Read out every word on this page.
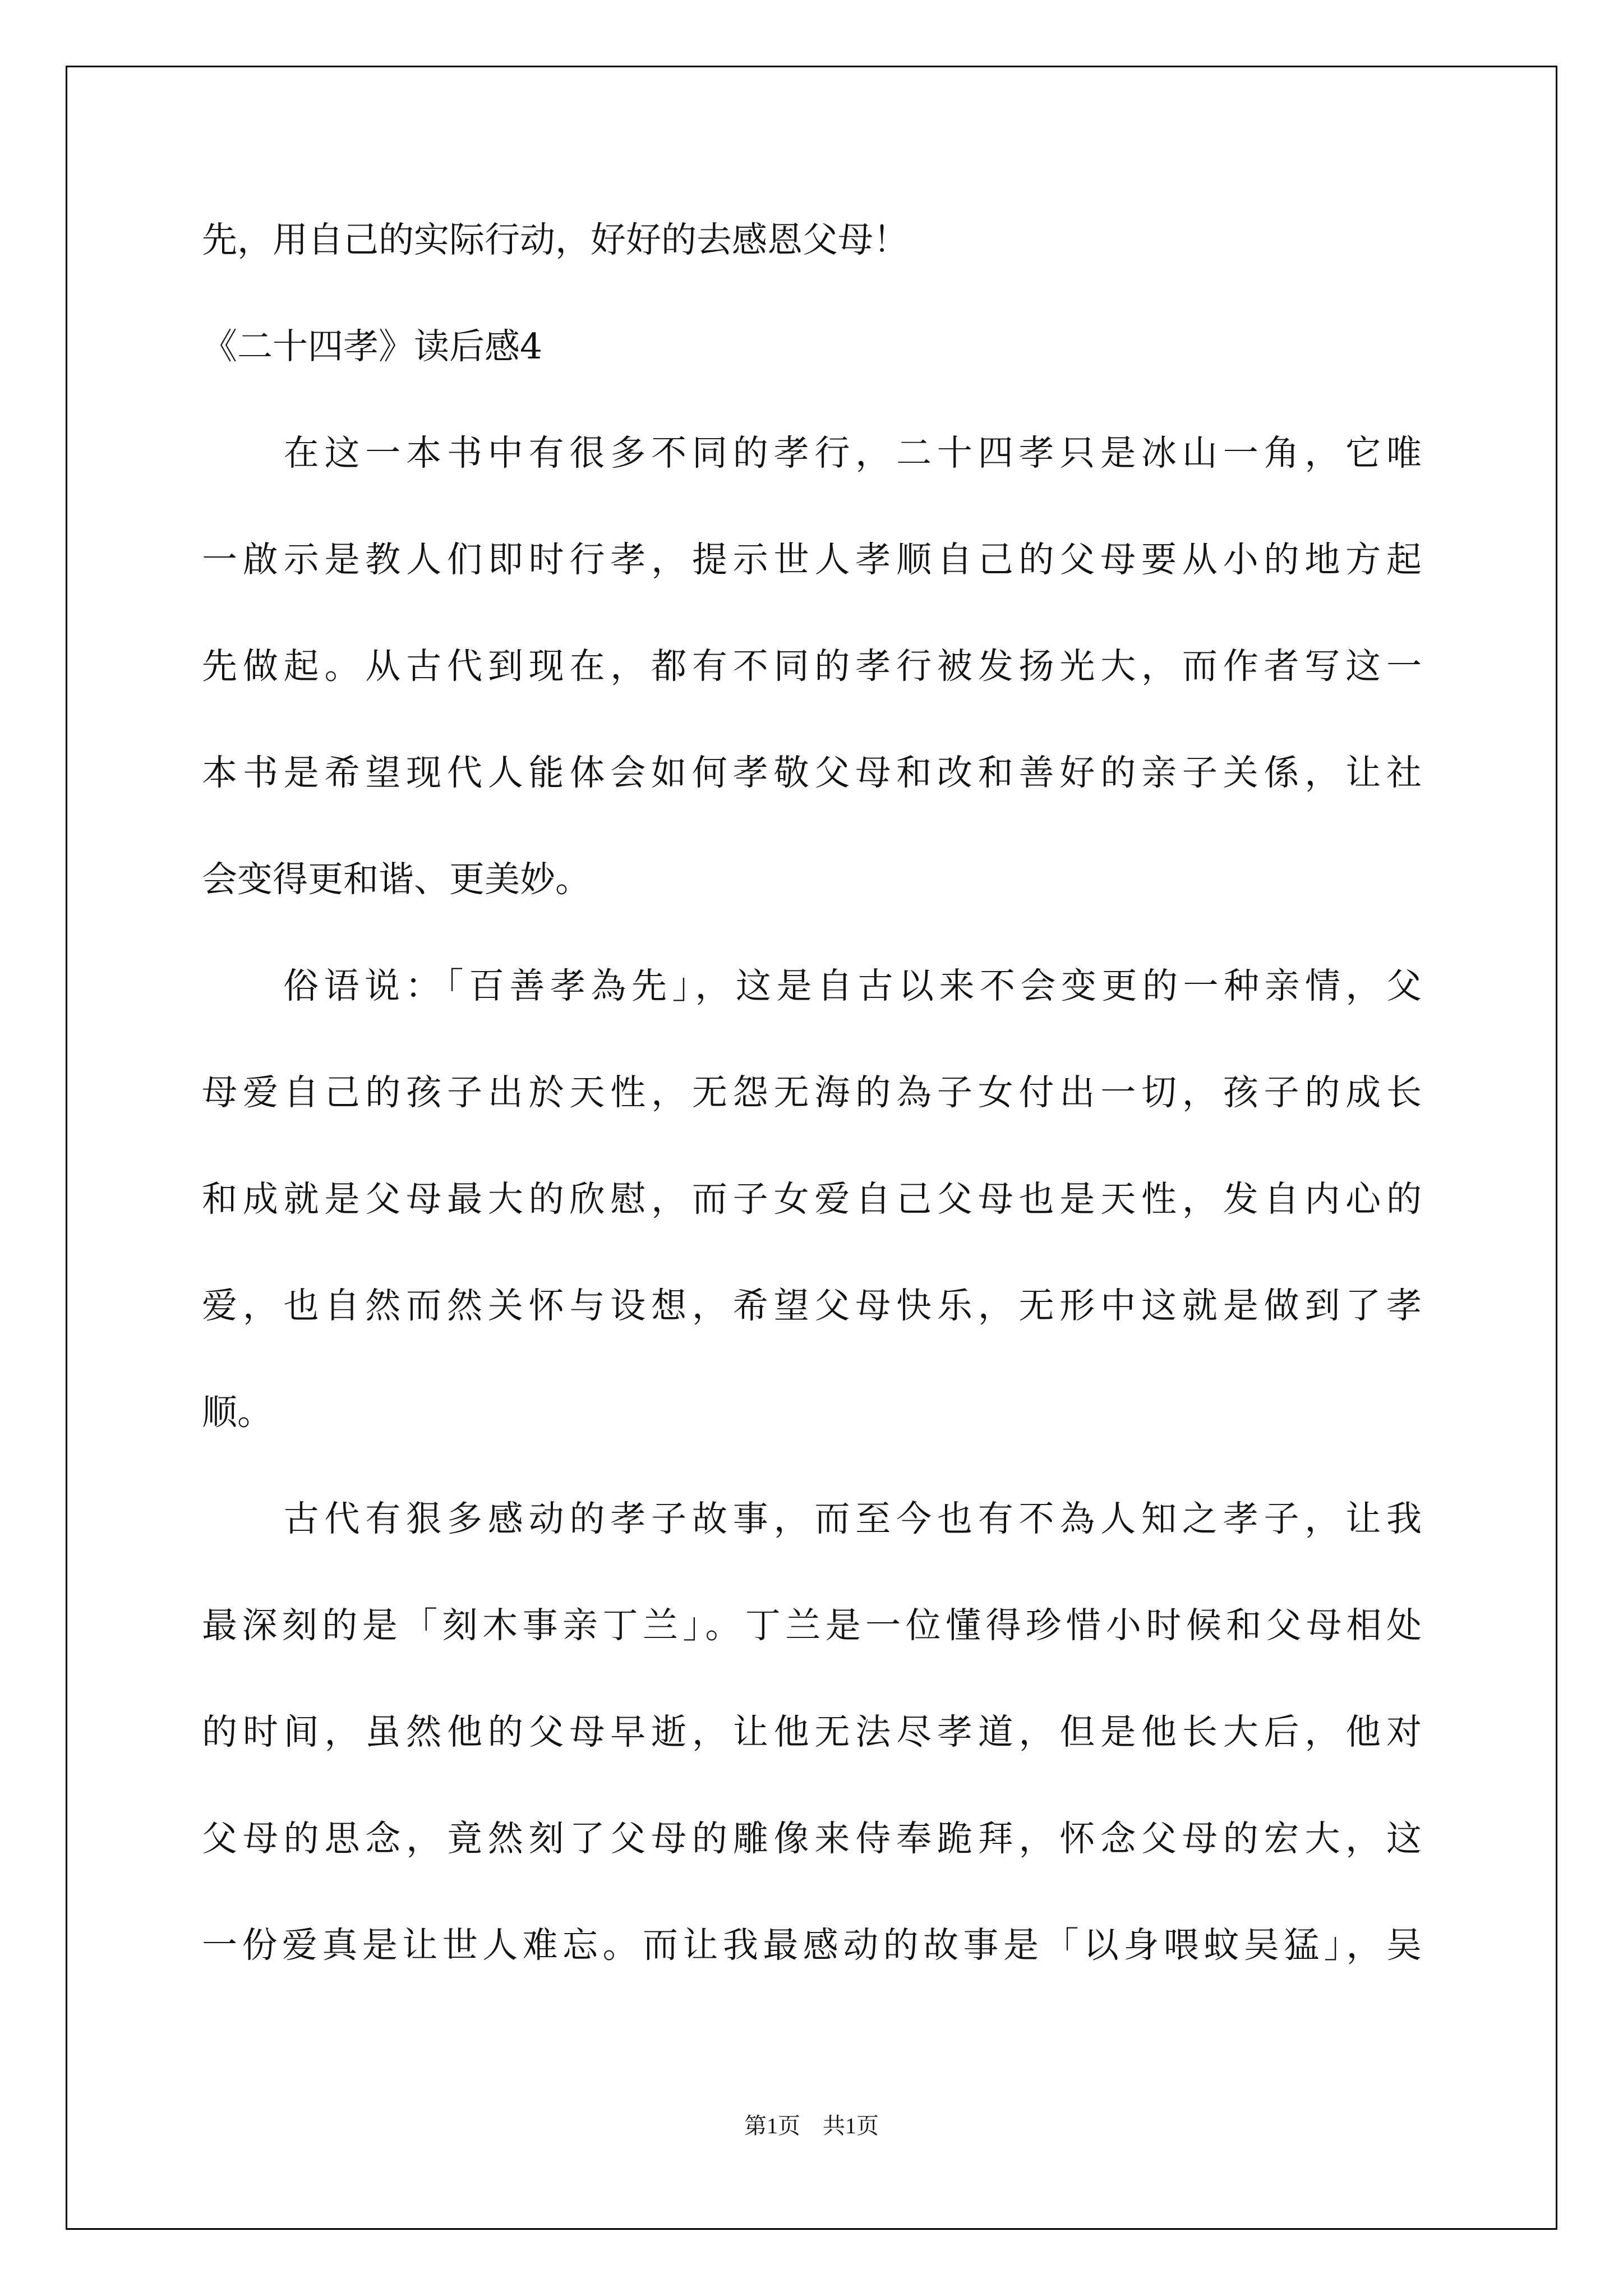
先，用自己的实际行动，好好的去感恩父母！

《二十四孝》读后感4

　　在这一本书中有很多不同的孝行，二十四孝只是冰山一角，它唯

一啟示是教人们即时行孝，提示世人孝顺自己的父母要从小的地方起

先做起。从古代到现在，都有不同的孝行被发扬光大，而作者写这一

本书是希望现代人能体会如何孝敬父母和改和善好的亲子关係，让社

会变得更和谐、更美妙。

　　俗语说：「百善孝為先」，这是自古以来不会变更的一种亲情，父

母爱自己的孩子出於天性，无怨无海的為子女付出一切，孩子的成长

和成就是父母最大的欣慰，而子女爱自己父母也是天性，发自内心的

爱，也自然而然关怀与设想，希望父母快乐，无形中这就是做到了孝

顺。

　　古代有狠多感动的孝子故事，而至今也有不為人知之孝子，让我

最深刻的是「刻木事亲丁兰」。丁兰是一位懂得珍惜小时候和父母相处

的时间，虽然他的父母早逝，让他无法尽孝道，但是他长大后，他对

父母的思念，竟然刻了父母的雕像来侍奉跪拜，怀念父母的宏大，这

一份爱真是让世人难忘。而让我最感动的故事是「以身喂蚊吴猛」，吴

第1页　共1页
